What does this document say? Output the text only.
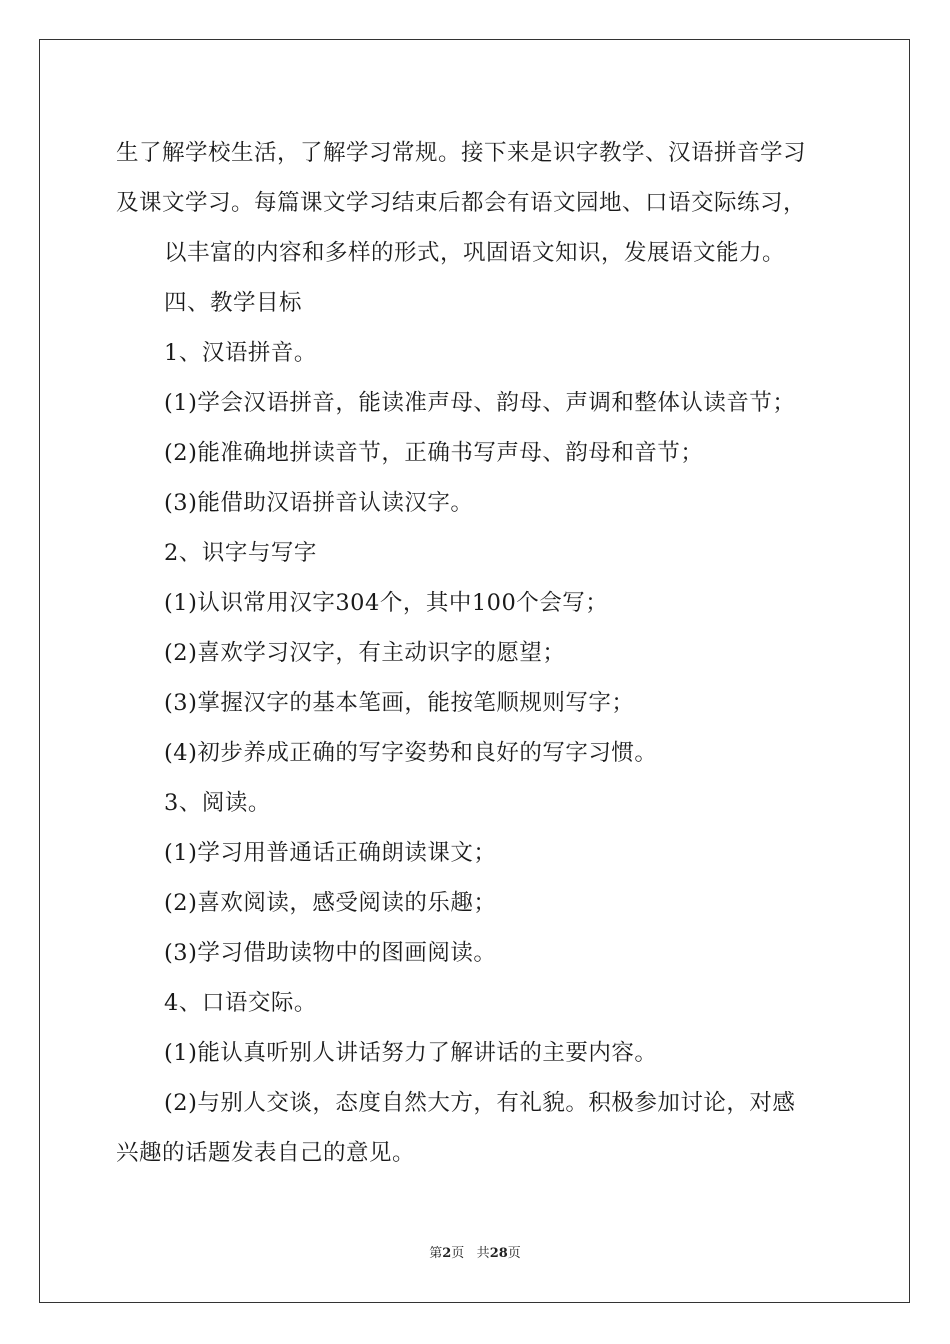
生了解学校生活，了解学习常规。接下来是识字教学、汉语拼音学习
及课文学习。每篇课文学习结束后都会有语文园地、口语交际练习，
以丰富的内容和多样的形式，巩固语文知识，发展语文能力。
四、教学目标
1、汉语拼音。
(1)学会汉语拼音，能读准声母、韵母、声调和整体认读音节；
(2)能准确地拼读音节，正确书写声母、韵母和音节；
(3)能借助汉语拼音认读汉字。
2、识字与写字
(1)认识常用汉字304个，其中100个会写；
(2)喜欢学习汉字，有主动识字的愿望；
(3)掌握汉字的基本笔画，能按笔顺规则写字；
(4)初步养成正确的写字姿势和良好的写字习惯。
3、阅读。
(1)学习用普通话正确朗读课文；
(2)喜欢阅读，感受阅读的乐趣；
(3)学习借助读物中的图画阅读。
4、口语交际。
(1)能认真听别人讲话努力了解讲话的主要内容。
(2)与别人交谈，态度自然大方，有礼貌。积极参加讨论，对感
兴趣的话题发表自己的意见。
第2页 共28页
